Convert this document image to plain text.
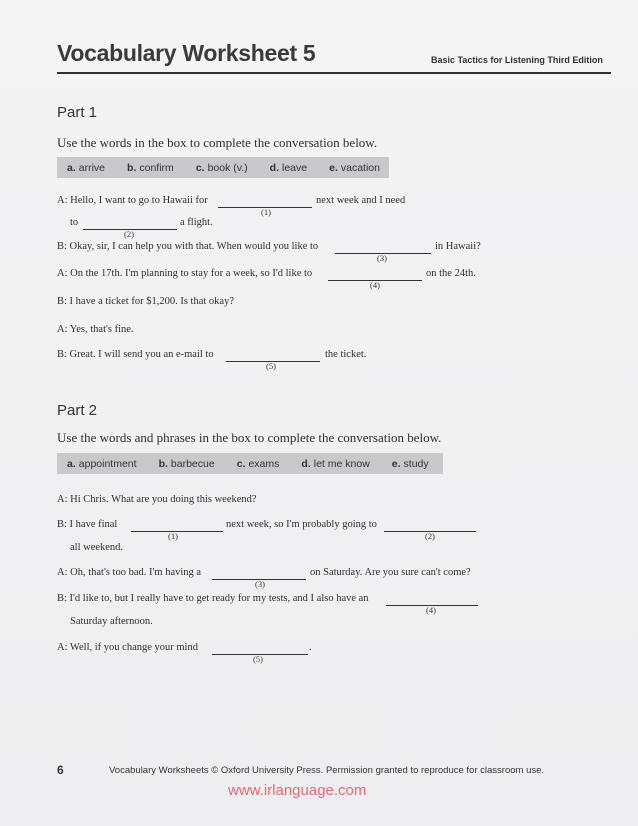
Vocabulary Worksheet 5	Basic Tactics for Listening Third Edition
Part 1
Use the words in the box to complete the conversation below.
a. arrive b. confirm c. book (v.) d. leave e. vacation
A: Hello, I want to go to Hawaii for
(1)
next week and I need
to
(2)
a flight.
B: Okay, sir, I can help you with that. When would you like to
(3)
in Hawaii?
A: On the 17th. I'm planning to stay for a week, so I'd like to
(4)
on the 24th.
B: I have a ticket for $1,200. Is that okay?
A: Yes, that's fine.
B: Great. I will send you an e-mail to
(5)
the ticket.
Part 2
Use the words and phrases in the box to complete the conversation below.
a. appointment b. barbecue c. exams d. let me know e. study
A: Hi Chris. What are you doing this weekend?
B: I have final
(1)
next week, so I'm probably going to
(2)
all weekend.
A: Oh, that's too bad. I'm having a
(3)
on Saturday. Are you sure can't come?
B: I'd like to, but I really have to get ready for my tests, and I also have an
(4)
Saturday afternoon.
A: Well, if you change your mind
(5)
.
6	Vocabulary Worksheets © Oxford University Press. Permission granted to reproduce for classroom use.
www.irlanguage.com
